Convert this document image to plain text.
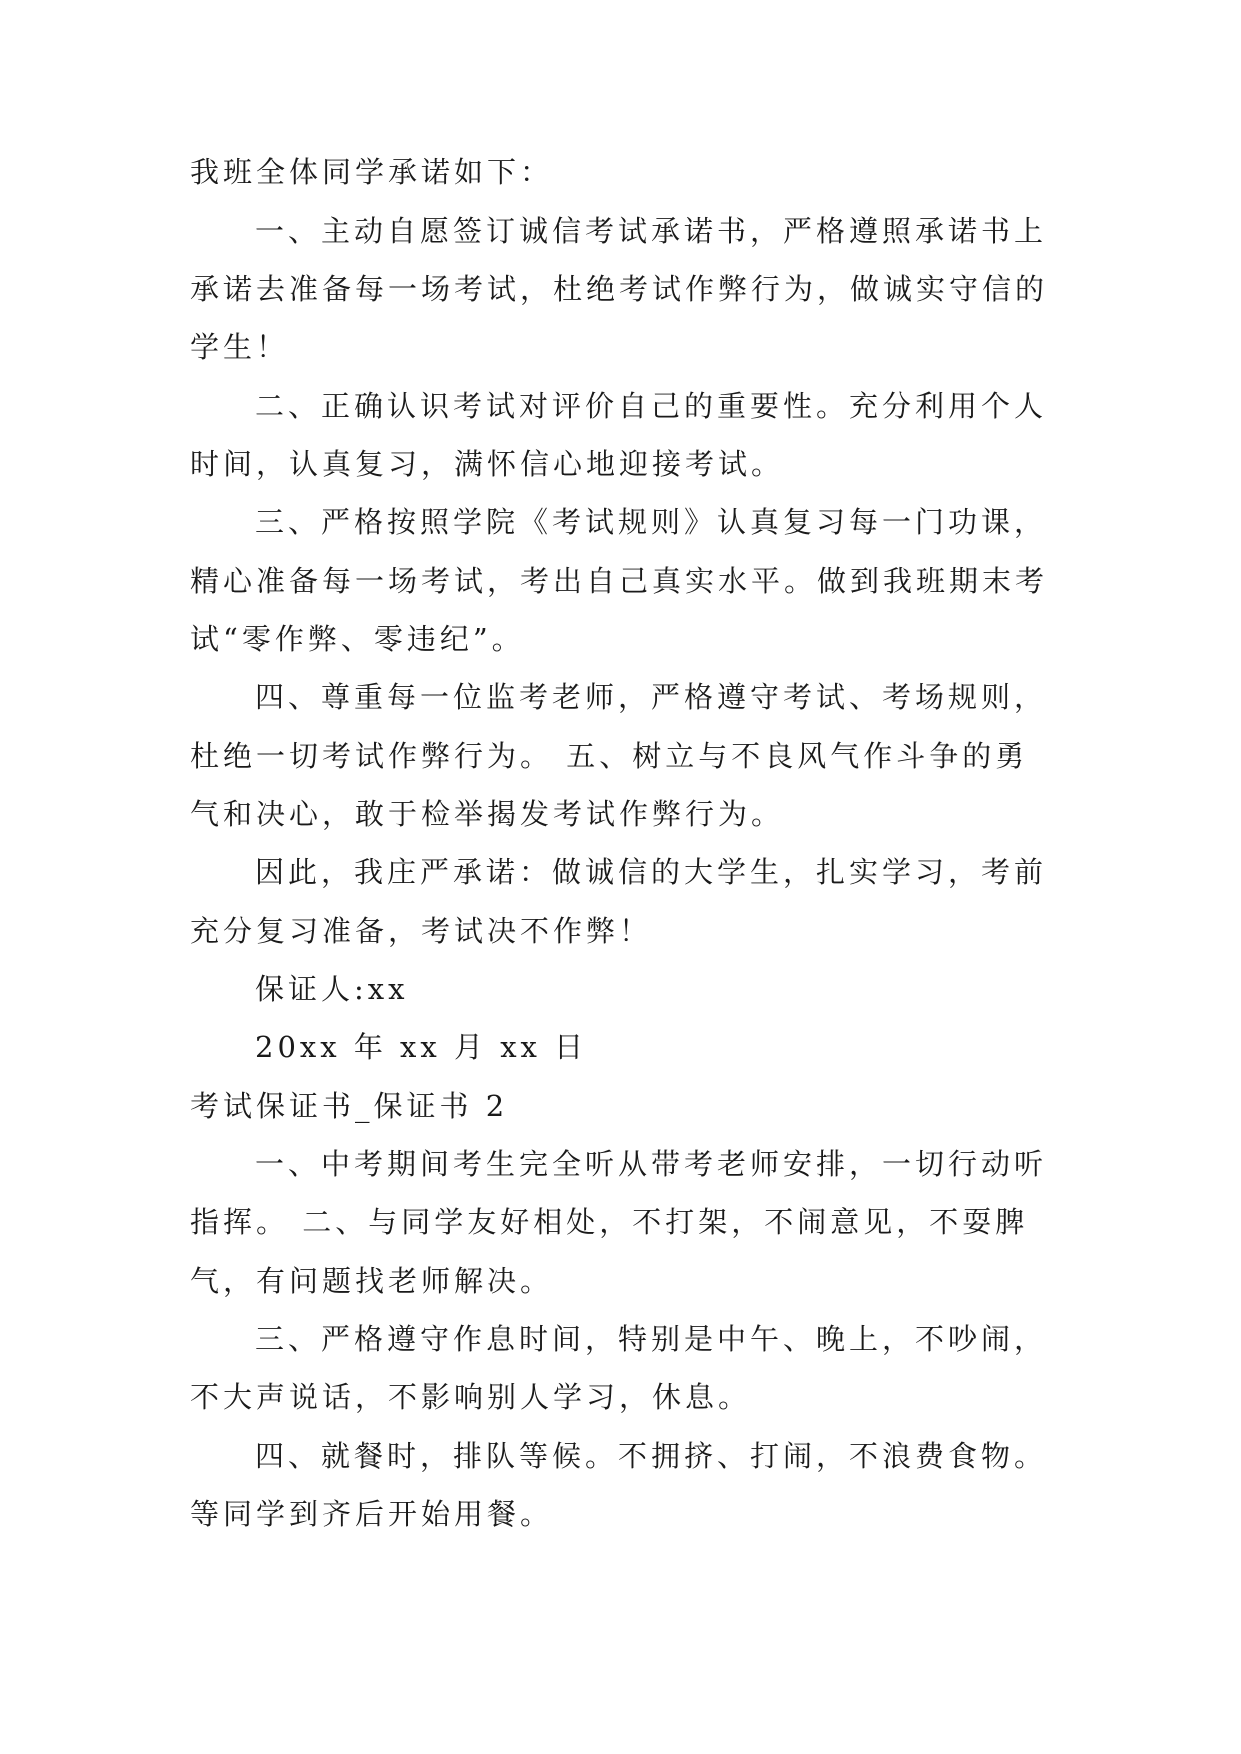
我班全体同学承诺如下：
一、主动自愿签订诚信考试承诺书，严格遵照承诺书上
承诺去准备每一场考试，杜绝考试作弊行为，做诚实守信的
学生！
二、正确认识考试对评价自己的重要性。充分利用个人
时间，认真复习，满怀信心地迎接考试。
三、严格按照学院《考试规则》认真复习每一门功课，
精心准备每一场考试，考出自己真实水平。做到我班期末考
试“零作弊、零违纪”。
四、尊重每一位监考老师，严格遵守考试、考场规则，
杜绝一切考试作弊行为。 五、树立与不良风气作斗争的勇
气和决心，敢于检举揭发考试作弊行为。
因此，我庄严承诺：做诚信的大学生，扎实学习，考前
充分复习准备，考试决不作弊！
保证人:xx
20xx 年 xx 月 xx 日
考试保证书_保证书 2
一、中考期间考生完全听从带考老师安排，一切行动听
指挥。 二、与同学友好相处，不打架，不闹意见，不耍脾
气，有问题找老师解决。
三、严格遵守作息时间，特别是中午、晚上，不吵闹，
不大声说话，不影响别人学习，休息。
四、就餐时，排队等候。不拥挤、打闹，不浪费食物。
等同学到齐后开始用餐。
